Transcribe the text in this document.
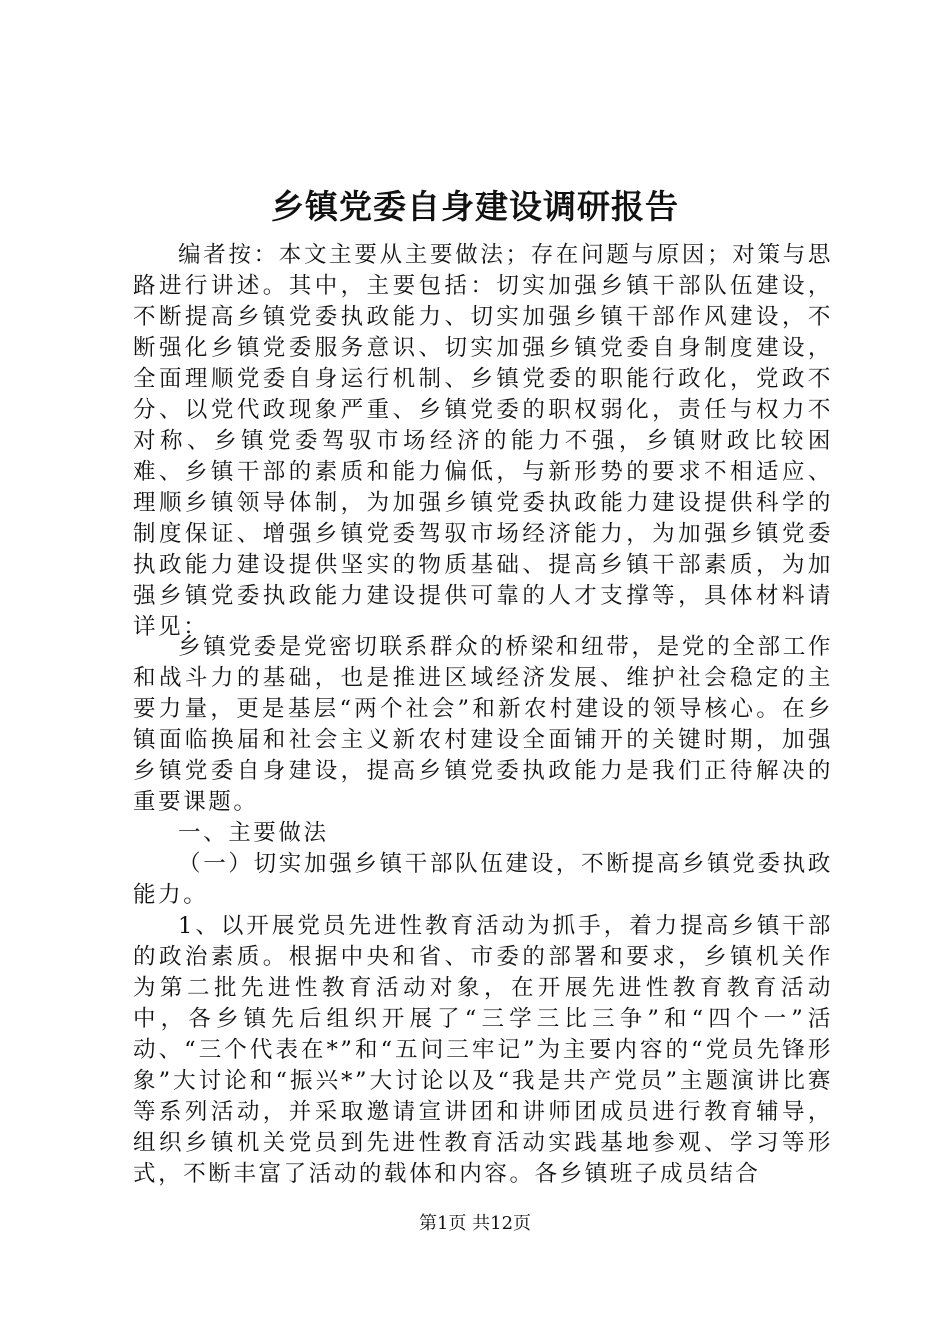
乡镇党委自身建设调研报告

编者按：本文主要从主要做法；存在问题与原因；对策与思路进行讲述。其中，主要包括：切实加强乡镇干部队伍建设，不断提高乡镇党委执政能力、切实加强乡镇干部作风建设，不断强化乡镇党委服务意识、切实加强乡镇党委自身制度建设，全面理顺党委自身运行机制、乡镇党委的职能行政化，党政不分、以党代政现象严重、乡镇党委的职权弱化，责任与权力不对称、乡镇党委驾驭市场经济的能力不强，乡镇财政比较困难、乡镇干部的素质和能力偏低，与新形势的要求不相适应、理顺乡镇领导体制，为加强乡镇党委执政能力建设提供科学的制度保证、增强乡镇党委驾驭市场经济能力，为加强乡镇党委执政能力建设提供坚实的物质基础、提高乡镇干部素质，为加强乡镇党委执政能力建设提供可靠的人才支撑等，具体材料请详见：

乡镇党委是党密切联系群众的桥梁和纽带，是党的全部工作和战斗力的基础，也是推进区域经济发展、维护社会稳定的主要力量，更是基层“两个社会”和新农村建设的领导核心。在乡镇面临换届和社会主义新农村建设全面铺开的关键时期，加强乡镇党委自身建设，提高乡镇党委执政能力是我们正待解决的重要课题。

一、主要做法

（一）切实加强乡镇干部队伍建设，不断提高乡镇党委执政能力。

1、以开展党员先进性教育活动为抓手，着力提高乡镇干部的政治素质。根据中央和省、市委的部署和要求，乡镇机关作为第二批先进性教育活动对象，在开展先进性教育教育活动中，各乡镇先后组织开展了“三学三比三争”和“四个一”活动、“三个代表在*”和“五问三牢记”为主要内容的“党员先锋形象”大讨论和“振兴*”大讨论以及“我是共产党员”主题演讲比赛等系列活动，并采取邀请宣讲团和讲师团成员进行教育辅导，组织乡镇机关党员到先进性教育活动实践基地参观、学习等形式，不断丰富了活动的载体和内容。各乡镇班子成员结合

第1页 共12页
